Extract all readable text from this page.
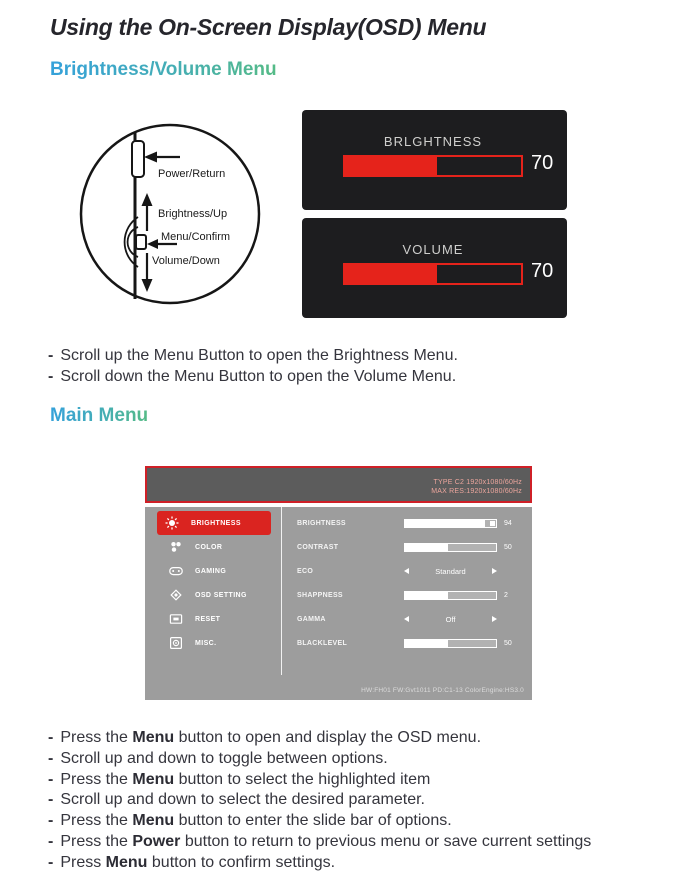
Using the On-Screen Display(OSD) Menu
Brightness/Volume Menu
Power/Return
Brightness/Up
Menu/Confirm
Volume/Down
BRLGHTNESS
70
VOLUME
70
- Scroll up the Menu Button to open the Brightness Menu.
- Scroll down the Menu Button to open the Volume Menu.
Main Menu
TYPE C2 1920x1080/60Hz
MAX RES:1920x1080/60Hz
BRIGHTNESS
COLOR
GAMING
OSD SETTING
RESET
MISC.
BRIGHTNESS	94
CONTRAST	50
ECO	Standard
SHAPPNESS	2
GAMMA	Off
BLACKLEVEL	50
HW:FH01 FW:Gvt1011 PD:C1-13 ColorEngine:HS3.0
- Press the Menu button to open and display the OSD menu.
- Scroll up and down to toggle between options.
- Press the Menu button to select the highlighted item
- Scroll up and down to select the desired parameter.
- Press the Menu button to enter the slide bar of options.
- Press the Power button to return to previous menu or save current settings
- Press Menu button to confirm settings.
